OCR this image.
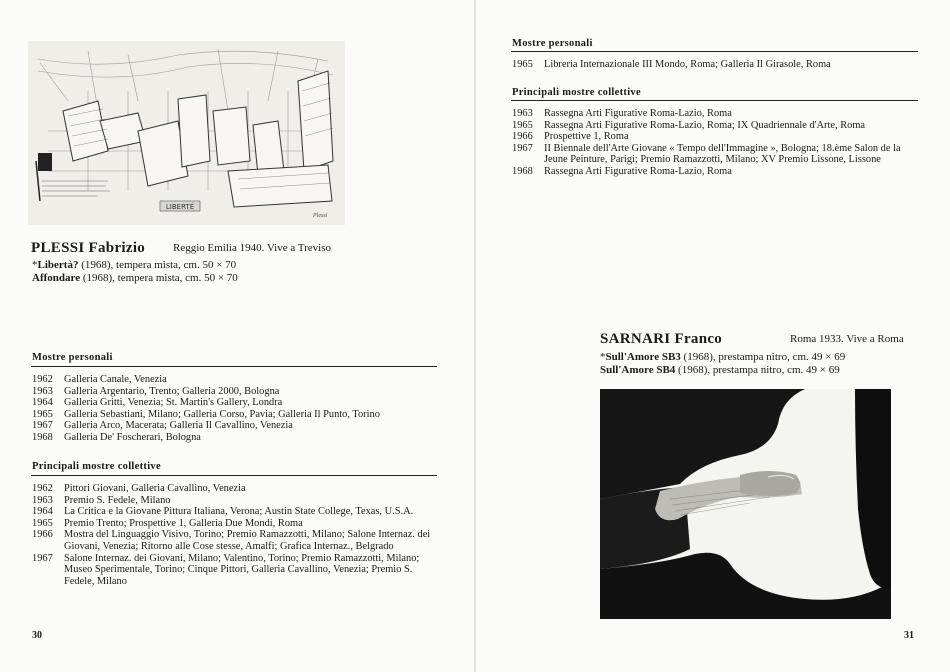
LIBERTÉ
Plessi
PLESSI Fabrizio	Reggio Emilia 1940. Vive a Treviso
*Libertà? (1968), tempera mista, cm. 50 × 70
Affondare (1968), tempera mista, cm. 50 × 70
Mostre personali
1962	Galleria Canale, Venezia
1963	Galleria Argentario, Trento; Galleria 2000, Bologna
1964	Galleria Gritti, Venezia; St. Martin's Gallery, Londra
1965	Galleria Sebastiani, Milano; Galleria Corso, Pavia; Galleria Il Punto, Torino
1967	Galleria Arco, Macerata; Galleria Il Cavallino, Venezia
1968	Galleria De' Foscherari, Bologna
Principali mostre collettive
1962	Pittori Giovani, Galleria Cavallino, Venezia
1963	Premio S. Fedele, Milano
1964	La Critica e la Giovane Pittura Italiana, Verona; Austin State College, Texas, U.S.A.
1965	Premio Trento; Prospettive 1, Galleria Due Mondi, Roma
1966	Mostra del Linguaggio Visivo, Torino; Premio Ramazzotti, Milano; Salone Internaz. dei Giovani, Venezia; Ritorno alle Cose stesse, Amalfi; Grafica Internaz., Belgrado
1967	Salone Internaz. dei Giovani, Milano; Valentino, Torino; Premio Ramazzotti, Milano; Museo Sperimentale, Torino; Cinque Pittori, Galleria Cavallino, Venezia; Premio S. Fedele, Milano
30
Mostre personali
1965	Libreria Internazionale III Mondo, Roma; Galleria Il Girasole, Roma
Principali mostre collettive
1963	Rassegna Arti Figurative Roma-Lazio, Roma
1965	Rassegna Arti Figurative Roma-Lazio, Roma; IX Quadriennale d'Arte, Roma
1966	Prospettive 1, Roma
1967	II Biennale dell'Arte Giovane « Tempo dell'Immagine », Bologna; 18.ème Salon de la Jeune Peinture, Parigi; Premio Ramazzotti, Milano; XV Premio Lissone, Lissone
1968	Rassegna Arti Figurative Roma-Lazio, Roma
SARNARI Franco	Roma 1933. Vive a Roma
*Sull'Amore SB3 (1968), prestampa nitro, cm. 49 × 69
Sull'Amore SB4 (1968), prestampa nitro, cm. 49 × 69
31
